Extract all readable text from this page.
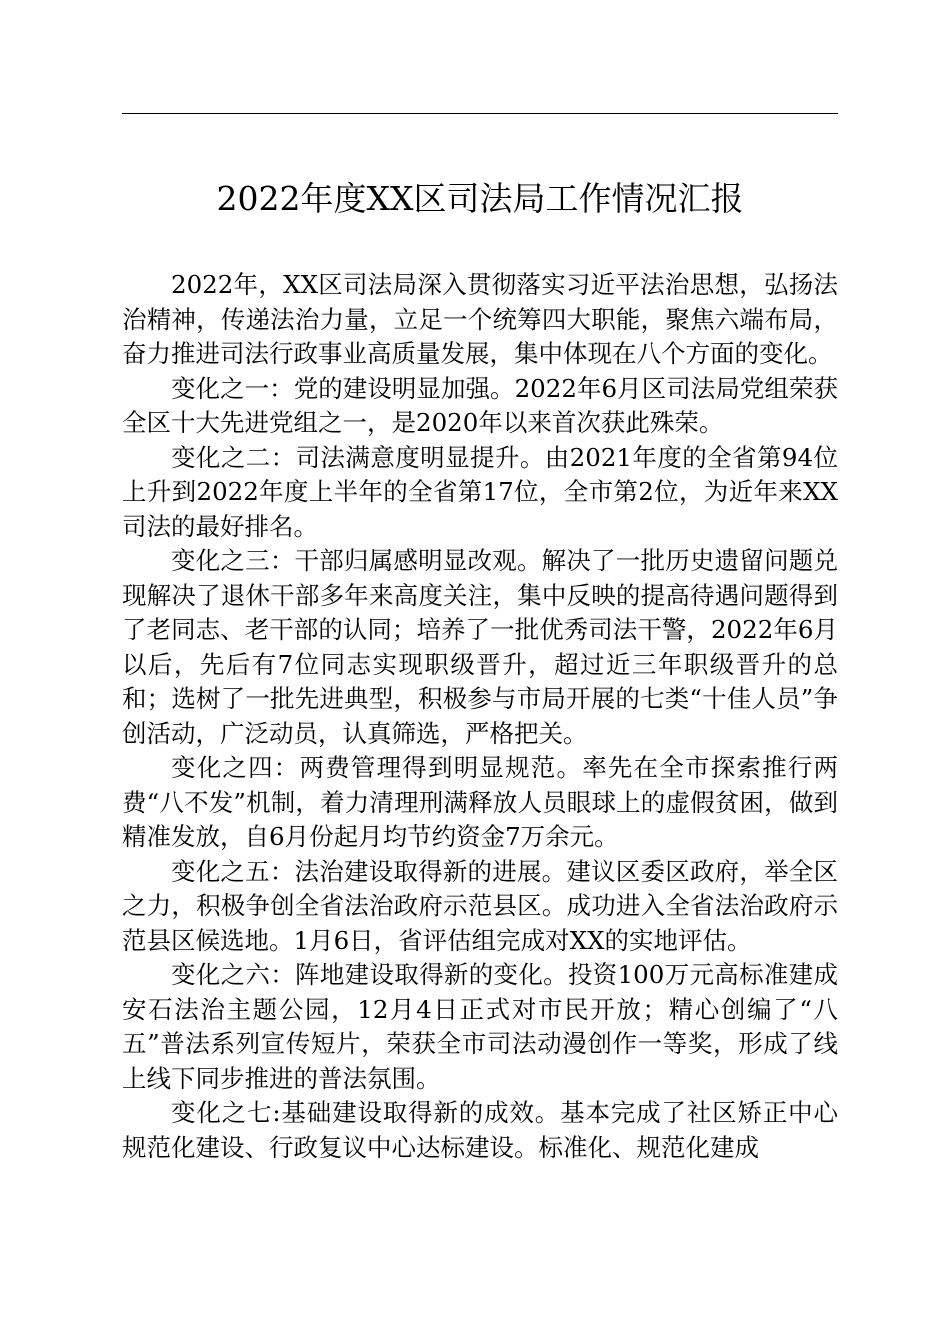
2022年度XX区司法局工作情况汇报

2022年，XX区司法局深入贯彻落实习近平法治思想，弘扬法治精神，传递法治力量，立足一个统筹四大职能，聚焦六端布局，奋力推进司法行政事业高质量发展，集中体现在八个方面的变化。

变化之一：党的建设明显加强。2022年6月区司法局党组荣获全区十大先进党组之一，是2020年以来首次获此殊荣。

变化之二：司法满意度明显提升。由2021年度的全省第94位上升到2022年度上半年的全省第17位，全市第2位，为近年来XX司法的最好排名。

变化之三：干部归属感明显改观。解决了一批历史遗留问题兑现解决了退休干部多年来高度关注，集中反映的提高待遇问题得到了老同志、老干部的认同；培养了一批优秀司法干警，2022年6月以后，先后有7位同志实现职级晋升，超过近三年职级晋升的总和；选树了一批先进典型，积极参与市局开展的七类“十佳人员”争创活动，广泛动员，认真筛选，严格把关。

变化之四：两费管理得到明显规范。率先在全市探索推行两费“八不发”机制，着力清理刑满释放人员眼球上的虚假贫困，做到精准发放，自6月份起月均节约资金7万余元。

变化之五：法治建设取得新的进展。建议区委区政府，举全区之力，积极争创全省法治政府示范县区。成功进入全省法治政府示范县区候选地。1月6日，省评估组完成对XX的实地评估。

变化之六：阵地建设取得新的变化。投资100万元高标准建成安石法治主题公园，12月4日正式对市民开放；精心创编了“八五”普法系列宣传短片，荣获全市司法动漫创作一等奖，形成了线上线下同步推进的普法氛围。

变化之七:基础建设取得新的成效。基本完成了社区矫正中心规范化建设、行政复议中心达标建设。标准化、规范化建成
